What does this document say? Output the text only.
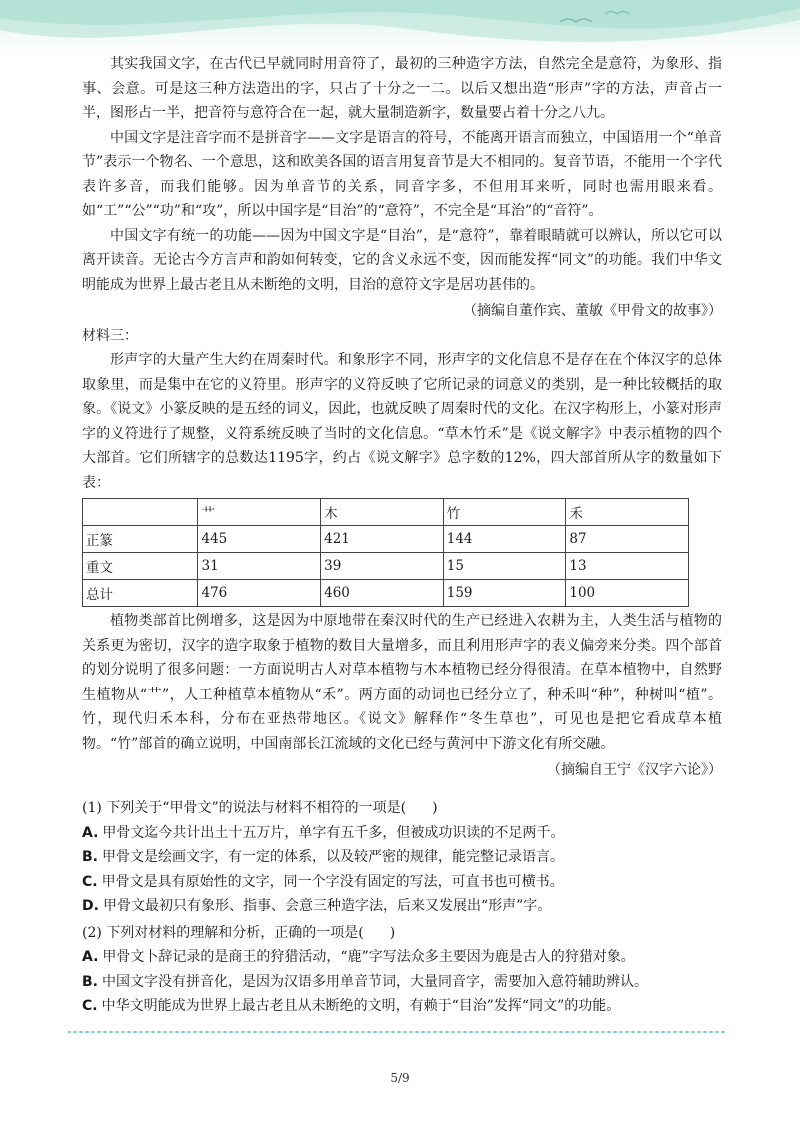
其实我国文字，在古代已早就同时用音符了，最初的三种造字方法，自然完全是意符，为象形、指事、会意。可是这三种方法造出的字，只占了十分之一二。以后又想出造“形声”字的方法，声音占一半，图形占一半，把音符与意符合在一起，就大量制造新字，数量要占着十分之八九。

中国文字是注音字而不是拼音字——文字是语言的符号，不能离开语言而独立，中国语用一个“单音节”表示一个物名、一个意思，这和欧美各国的语言用复音节是大不相同的。复音节语，不能用一个字代表许多音，而我们能够。因为单音节的关系，同音字多，不但用耳来听，同时也需用眼来看。如“工”“公”“功”和“攻”，所以中国字是“目治”的“意符”，不完全是“耳治”的“音符”。

中国文字有统一的功能——因为中国文字是“目治”，是“意符”，靠着眼睛就可以辨认，所以它可以离开读音。无论古今方言声和韵如何转变，它的含义永远不变，因而能发挥“同文”的功能。我们中华文明能成为世界上最古老且从未断绝的文明，目治的意符文字是居功甚伟的。

（摘编自董作宾、董敏《甲骨文的故事》）
材料三：

形声字的大量产生大约在周秦时代。和象形字不同，形声字的文化信息不是存在在个体汉字的总体取象里，而是集中在它的义符里。形声字的义符反映了它所记录的词意义的类别，是一种比较概括的取象。《说文》小篆反映的是五经的词义，因此，也就反映了周秦时代的文化。在汉字构形上，小篆对形声字的义符进行了规整，义符系统反映了当时的文化信息。“草木竹禾”是《说文解字》中表示植物的四个大部首。它们所辖字的总数达1195字，约占《说文解字》总字数的12%，四大部首所从字的数量如下表：

	艹	木	竹	禾
正篆	445	421	144	87
重文	31	39	15	13
总计	476	460	159	100

植物类部首比例增多，这是因为中原地带在秦汉时代的生产已经进入农耕为主，人类生活与植物的关系更为密切，汉字的造字取象于植物的数目大量增多，而且利用形声字的表义偏旁来分类。四个部首的划分说明了很多问题：一方面说明古人对草本植物与木本植物已经分得很清。在草本植物中，自然野生植物从“艹”，人工种植草本植物从“禾”。两方面的动词也已经分立了，种禾叫“种”，种树叫“植”。竹，现代归禾本科，分布在亚热带地区。《说文》解释作“冬生草也”，可见也是把它看成草本植物。“竹”部首的确立说明，中国南部长江流域的文化已经与黄河中下游文化有所交融。

（摘编自王宁《汉字六论》）
(1) 下列关于“甲骨文”的说法与材料不相符的一项是( )
A. 甲骨文迄今共计出土十五万片，单字有五千多，但被成功识读的不足两千。
B. 甲骨文是绘画文字，有一定的体系，以及较严密的规律，能完整记录语言。
C. 甲骨文是具有原始性的文字，同一个字没有固定的写法，可直书也可横书。
D. 甲骨文最初只有象形、指事、会意三种造字法，后来又发展出“形声”字。
(2) 下列对材料的理解和分析，正确的一项是( )
A. 甲骨文卜辞记录的是商王的狩猎活动，“鹿”字写法众多主要因为鹿是古人的狩猎对象。
B. 中国文字没有拼音化，是因为汉语多用单音节词，大量同音字，需要加入意符辅助辨认。
C. 中华文明能成为世界上最古老且从未断绝的文明，有赖于“目治”发挥“同文”的功能。
5/9
